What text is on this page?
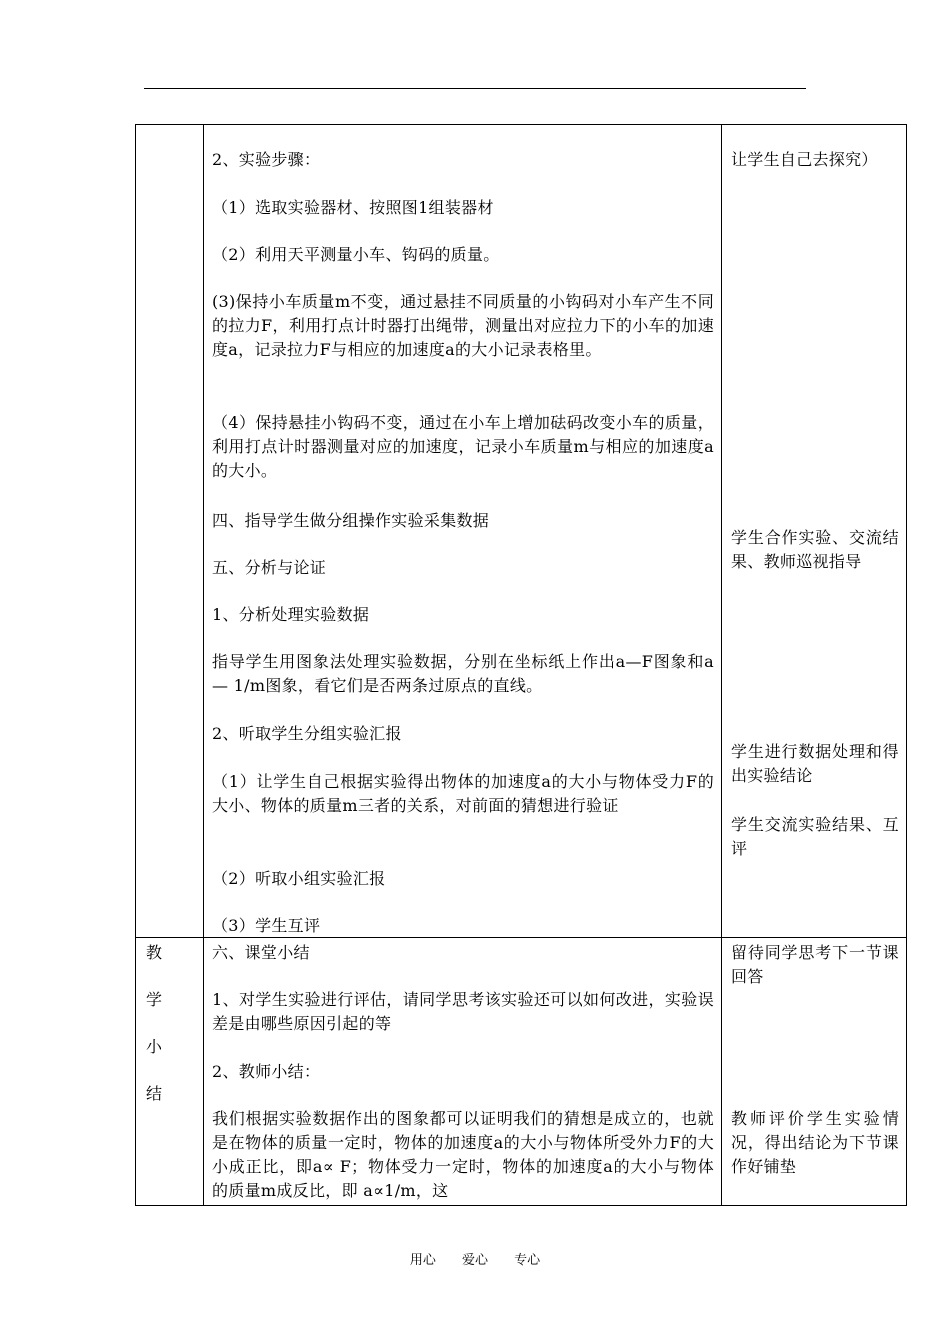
教

学

小

结

2、实验步骤：

（1）选取实验器材、按照图1组装器材

（2）利用天平测量小车、钩码的质量。

(3)保持小车质量m不变，通过悬挂不同质量的小钩码对小车产生不同的拉力F，利用打点计时器打出绳带，测量出对应拉力下的小车的加速度a，记录拉力F与相应的加速度a的大小记录表格里。

（4）保持悬挂小钩码不变，通过在小车上增加砝码改变小车的质量，利用打点计时器测量对应的加速度，记录小车质量m与相应的加速度a的大小。

四、指导学生做分组操作实验采集数据

五、分析与论证

1、分析处理实验数据

指导学生用图象法处理实验数据，分别在坐标纸上作出a—F图象和a— 1/m图象，看它们是否两条过原点的直线。

2、听取学生分组实验汇报

（1）让学生自己根据实验得出物体的加速度a的大小与物体受力F的大小、物体的质量m三者的关系，对前面的猜想进行验证

（2）听取小组实验汇报

（3）学生互评

六、课堂小结

1、对学生实验进行评估，请同学思考该实验还可以如何改进，实验误差是由哪些原因引起的等

2、教师小结：

我们根据实验数据作出的图象都可以证明我们的猜想是成立的，也就是在物体的质量一定时，物体的加速度a的大小与物体所受外力F的大小成正比，即a∝ F；物体受力一定时，物体的加速度a的大小与物体的质量m成反比，即 a∝1/m，这

让学生自己去探究）

学生合作实验、交流结果、教师巡视指导

学生进行数据处理和得出实验结论

学生交流实验结果、互评

留待同学思考下一节课回答

教师评价学生实验情况，得出结论为下节课作好铺垫

用心 爱心 专心
